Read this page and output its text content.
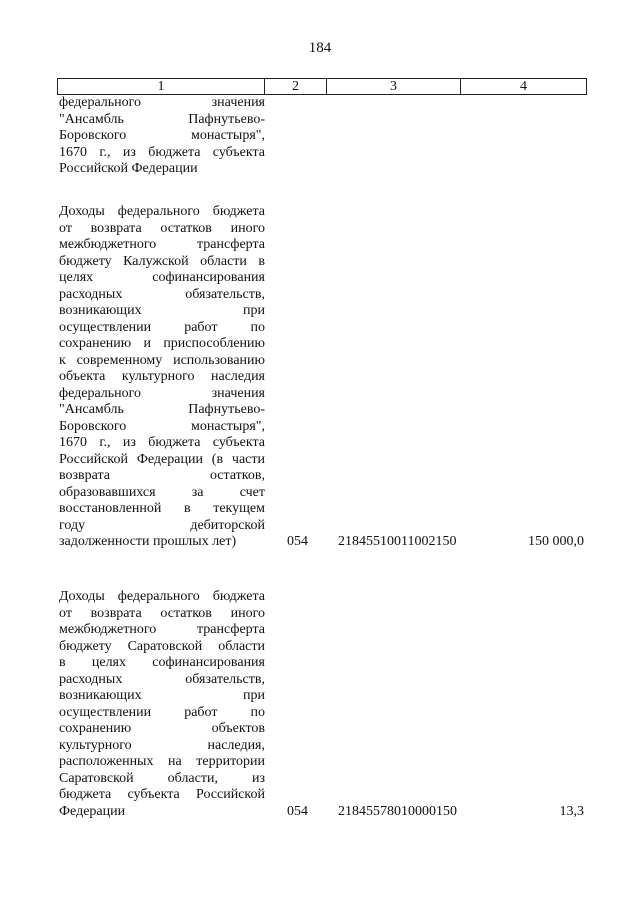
184
1	2	3	4
федерального значения
"Ансамбль Пафнутьево-
Боровского монастыря",
1670 г., из бюджета субъекта
Российской Федерации
Доходы федерального бюджета
от возврата остатков иного
межбюджетного трансферта
бюджету Калужской области в
целях софинансирования
расходных обязательств,
возникающих при
осуществлении работ по
сохранению и приспособлению
к современному использованию
объекта культурного наследия
федерального значения
"Ансамбль Пафнутьево-
Боровского монастыря",
1670 г., из бюджета субъекта
Российской Федерации (в части
возврата остатков,
образовавшихся за счет
восстановленной в текущем
году дебиторской
задолженности прошлых лет)	054 21845510011002150	150 000,0
Доходы федерального бюджета
от возврата остатков иного
межбюджетного трансферта
бюджету Саратовской области
в целях софинансирования
расходных обязательств,
возникающих при
осуществлении работ по
сохранению объектов
культурного наследия,
расположенных на территории
Саратовской области, из
бюджета субъекта Российской
Федерации	054 21845578010000150	13,3
